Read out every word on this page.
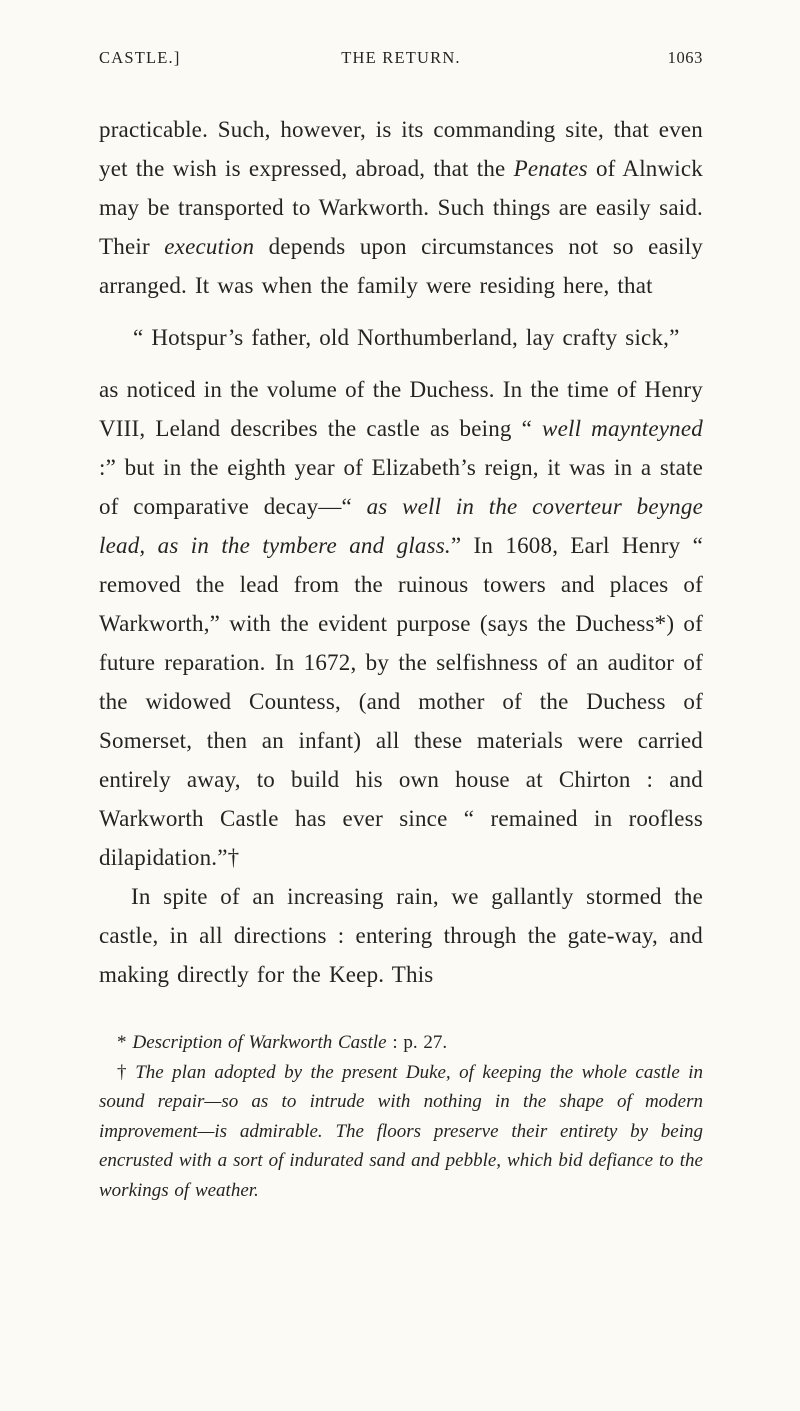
CASTLE.]	THE RETURN.	1063

practicable. Such, however, is its commanding site, that even yet the wish is expressed, abroad, that the Penates of Alnwick may be transported to Warkworth. Such things are easily said. Their execution depends upon circumstances not so easily arranged. It was when the family were residing here, that

“ Hotspur’s father, old Northumberland, lay crafty sick,”

as noticed in the volume of the Duchess. In the time of Henry VIII, Leland describes the castle as being “ well maynteyned :” but in the eighth year of Elizabeth’s reign, it was in a state of comparative decay—“ as well in the coverteur beynge lead, as in the tymbere and glass.” In 1608, Earl Henry “ removed the lead from the ruinous towers and places of Warkworth,” with the evident purpose (says the Duchess*) of future reparation. In 1672, by the selfishness of an auditor of the widowed Countess, (and mother of the Duchess of Somerset, then an infant) all these materials were carried entirely away, to build his own house at Chirton : and Warkworth Castle has ever since “ remained in roofless dilapidation.”†

In spite of an increasing rain, we gallantly stormed the castle, in all directions : entering through the gate-way, and making directly for the Keep. This

* Description of Warkworth Castle : p. 27.

† The plan adopted by the present Duke, of keeping the whole castle in sound repair—so as to intrude with nothing in the shape of modern improvement—is admirable. The floors preserve their entirety by being encrusted with a sort of indurated sand and pebble, which bid defiance to the workings of weather.
